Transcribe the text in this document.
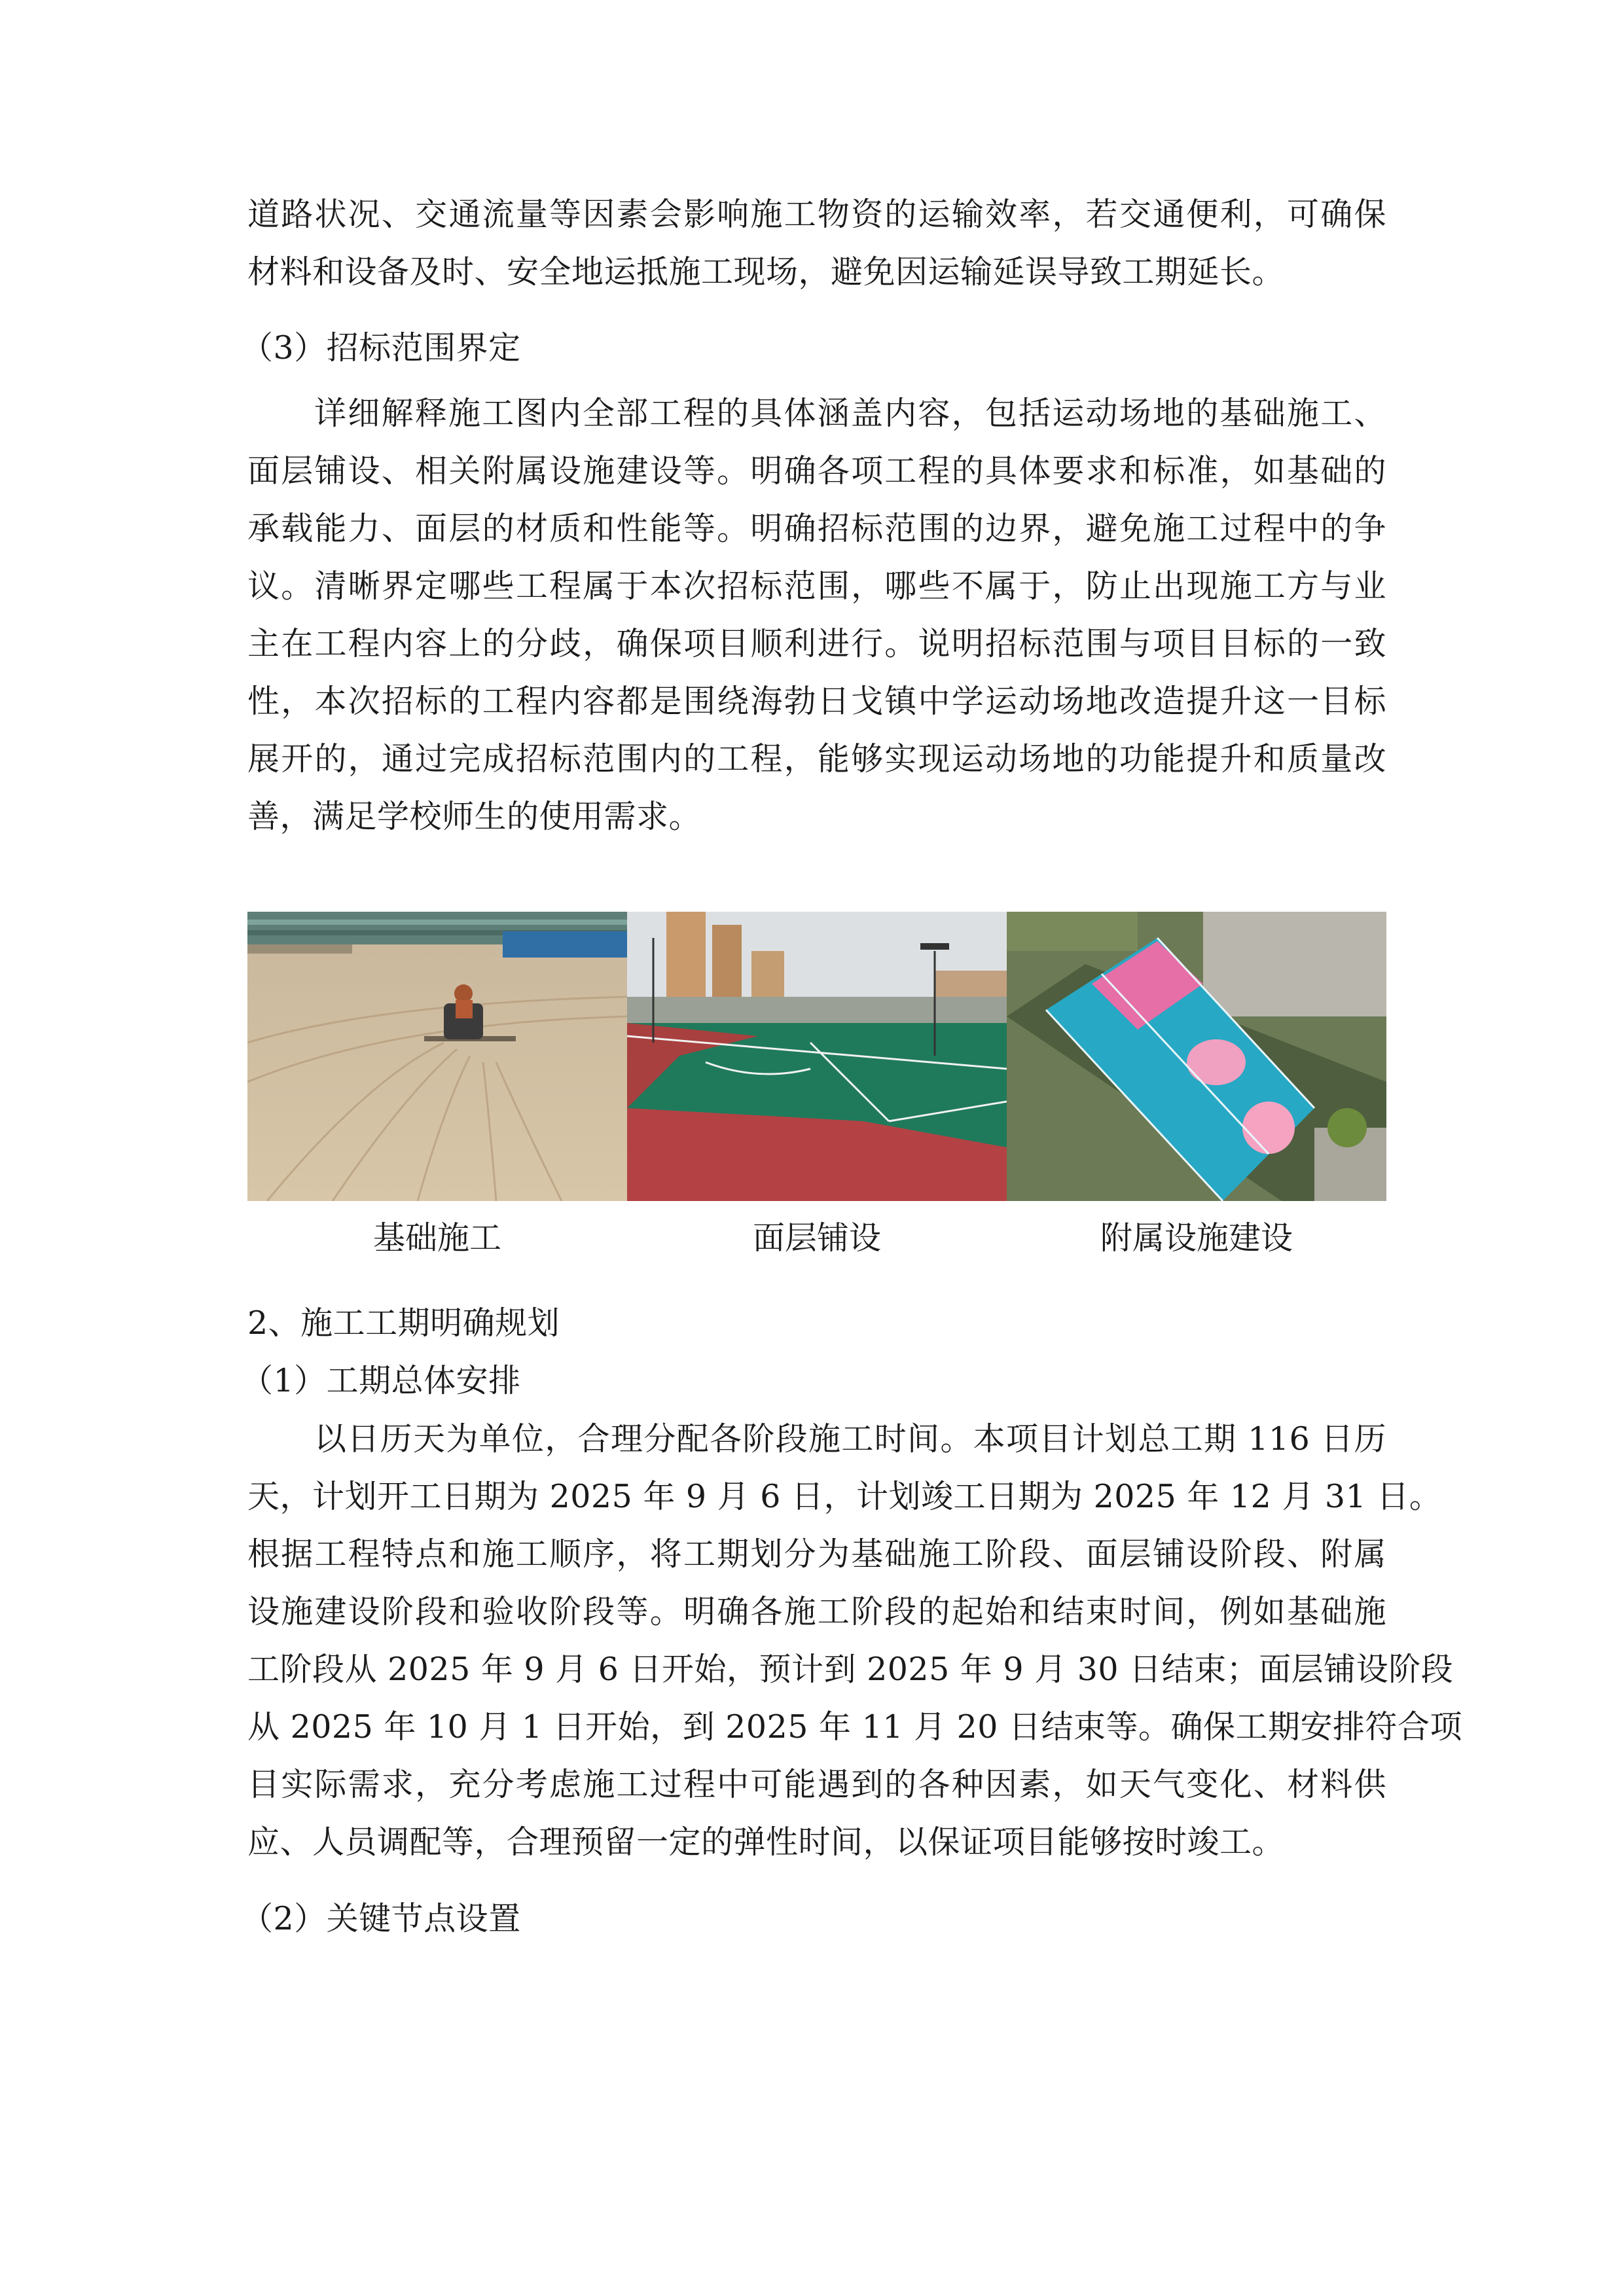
道路状况、交通流量等因素会影响施工物资的运输效率，若交通便利，可确保
材料和设备及时、安全地运抵施工现场，避免因运输延误导致工期延长。
（3）招标范围界定
详细解释施工图内全部工程的具体涵盖内容，包括运动场地的基础施工、
面层铺设、相关附属设施建设等。明确各项工程的具体要求和标准，如基础的
承载能力、面层的材质和性能等。明确招标范围的边界，避免施工过程中的争
议。清晰界定哪些工程属于本次招标范围，哪些不属于，防止出现施工方与业
主在工程内容上的分歧，确保项目顺利进行。说明招标范围与项目目标的一致
性，本次招标的工程内容都是围绕海勃日戈镇中学运动场地改造提升这一目标
展开的，通过完成招标范围内的工程，能够实现运动场地的功能提升和质量改
善，满足学校师生的使用需求。
基础施工	面层铺设	附属设施建设
2、施工工期明确规划
（1）工期总体安排
以日历天为单位，合理分配各阶段施工时间。本项目计划总工期 116 日历
天，计划开工日期为 2025 年 9 月 6 日，计划竣工日期为 2025 年 12 月 31 日。
根据工程特点和施工顺序，将工期划分为基础施工阶段、面层铺设阶段、附属
设施建设阶段和验收阶段等。明确各施工阶段的起始和结束时间，例如基础施
工阶段从 2025 年 9 月 6 日开始，预计到 2025 年 9 月 30 日结束；面层铺设阶段
从 2025 年 10 月 1 日开始，到 2025 年 11 月 20 日结束等。确保工期安排符合项
目实际需求，充分考虑施工过程中可能遇到的各种因素，如天气变化、材料供
应、人员调配等，合理预留一定的弹性时间，以保证项目能够按时竣工。
（2）关键节点设置
